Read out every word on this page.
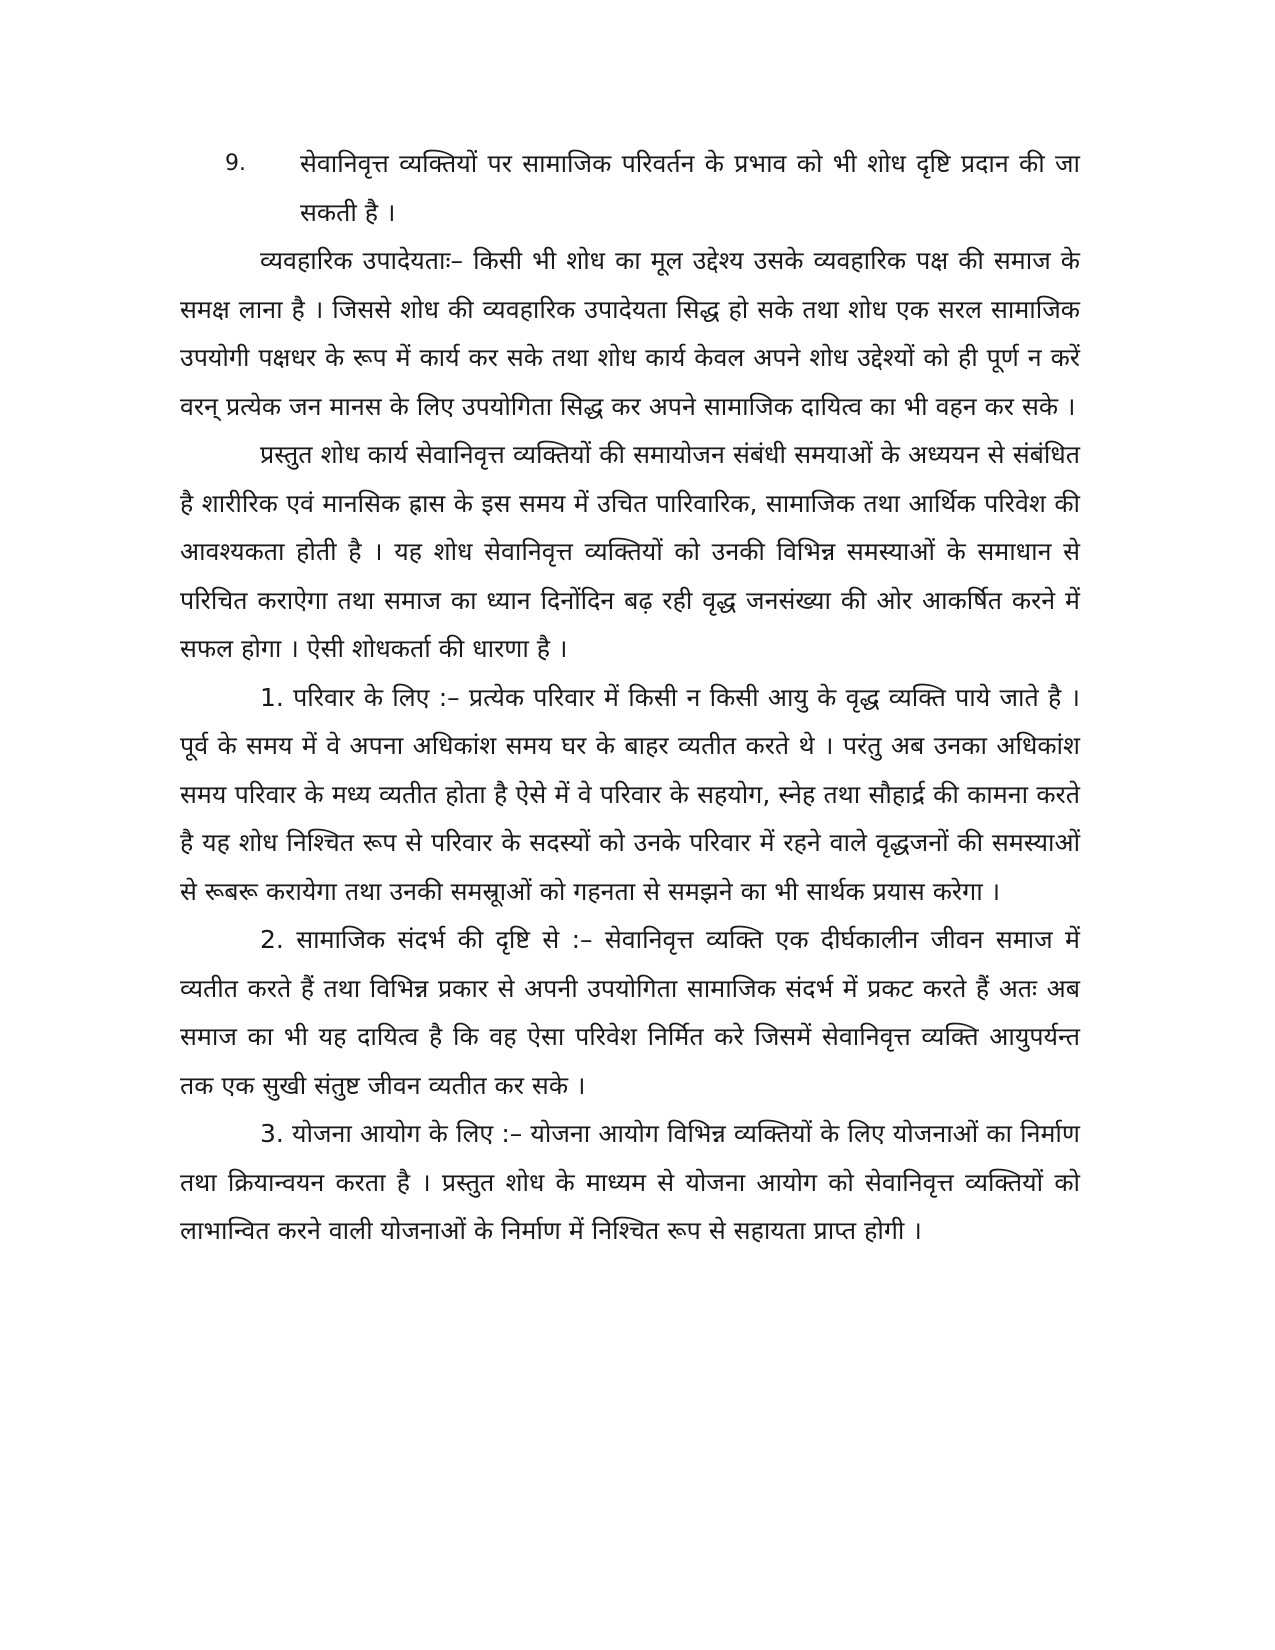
9.	सेवानिवृत्त व्यक्तियों पर सामाजिक परिवर्तन के प्रभाव को भी शोध दृष्टि प्रदान की जा सकती है ।

व्यवहारिक उपादेयताः– किसी भी शोध का मूल उद्देश्य उसके व्यवहारिक पक्ष की समाज के समक्ष लाना है । जिससे शोध की व्यवहारिक उपादेयता सिद्ध हो सके तथा शोध एक सरल सामाजिक उपयोगी पक्षधर के रूप में कार्य कर सके तथा शोध कार्य केवल अपने शोध उद्देश्यों को ही पूर्ण न करें वरन् प्रत्येक जन मानस के लिए उपयोगिता सिद्ध कर अपने सामाजिक दायित्व का भी वहन कर सके ।

प्रस्तुत शोध कार्य सेवानिवृत्त व्यक्तियों की समायोजन संबंधी समयाओं के अध्ययन से संबंधित है शारीरिक एवं मानसिक ह्रास के इस समय में उचित पारिवारिक, सामाजिक तथा आर्थिक परिवेश की आवश्यकता होती है । यह शोध सेवानिवृत्त व्यक्तियों को उनकी विभिन्न समस्याओं के समाधान से परिचित कराऐगा तथा समाज का ध्यान दिनोंदिन बढ़ रही वृद्ध जनसंख्या की ओर आकर्षित करने में सफल होगा । ऐसी शोधकर्ता की धारणा है ।

1. परिवार के लिए :– प्रत्येक परिवार में किसी न किसी आयु के वृद्ध व्यक्ति पाये जाते है । पूर्व के समय में वे अपना अधिकांश समय घर के बाहर व्यतीत करते थे । परंतु अब उनका अधिकांश समय परिवार के मध्य व्यतीत होता है ऐसे में वे परिवार के सहयोग, स्नेह तथा सौहार्द्र की कामना करते है यह शोध निश्चित रूप से परिवार के सदस्यों को उनके परिवार में रहने वाले वृद्धजनों की समस्याओं से रूबरू करायेगा तथा उनकी समस्रूाओं को गहनता से समझने का भी सार्थक प्रयास करेगा ।

2. सामाजिक संदर्भ की दृष्टि से :– सेवानिवृत्त व्यक्ति एक दीर्घकालीन जीवन समाज में व्यतीत करते हैं तथा विभिन्न प्रकार से अपनी उपयोगिता सामाजिक संदर्भ में प्रकट करते हैं अतः अब समाज का भी यह दायित्व है कि वह ऐसा परिवेश निर्मित करे जिसमें सेवानिवृत्त व्यक्ति आयुपर्यन्त तक एक सुखी संतुष्ट जीवन व्यतीत कर सके ।

3. योजना आयोग के लिए :– योजना आयोग विभिन्न व्यक्तियों के लिए योजनाओं का निर्माण तथा क्रियान्वयन करता है । प्रस्तुत शोध के माध्यम से योजना आयोग को सेवानिवृत्त व्यक्तियों को लाभान्वित करने वाली योजनाओं के निर्माण में निश्चित रूप से सहायता प्राप्त होगी ।
